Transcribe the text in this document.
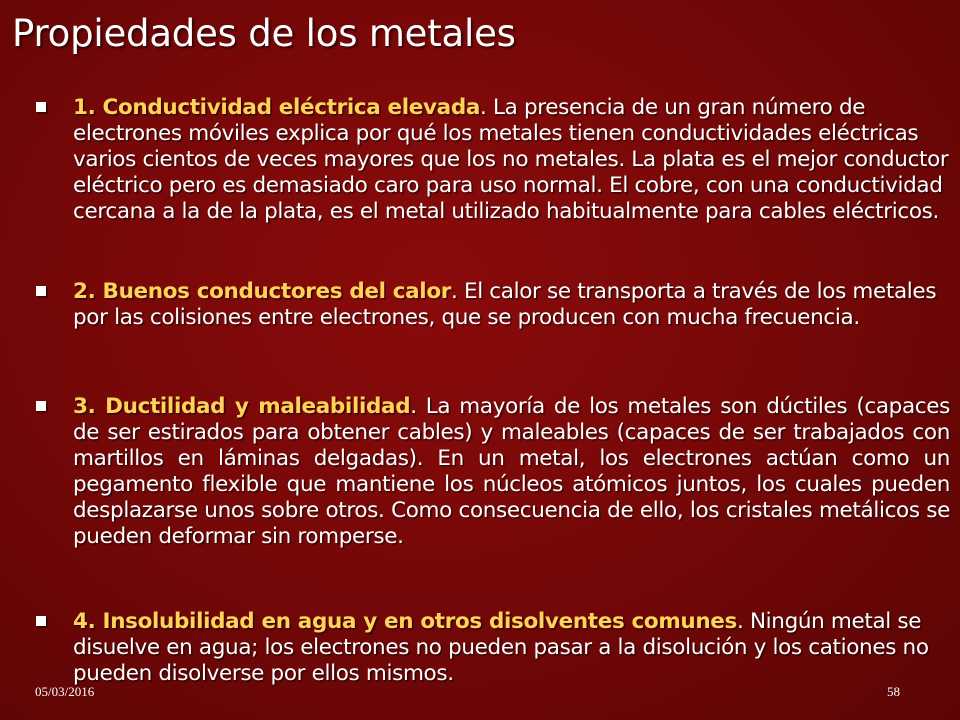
Propiedades de los metales

1. Conductividad eléctrica elevada. La presencia de un gran número de electrones móviles explica por qué los metales tienen conductividades eléctricas varios cientos de veces mayores que los no metales. La plata es el mejor conductor eléctrico pero es demasiado caro para uso normal. El cobre, con una conductividad cercana a la de la plata, es el metal utilizado habitualmente para cables eléctricos.

2. Buenos conductores del calor. El calor se transporta a través de los metales por las colisiones entre electrones, que se producen con mucha frecuencia.

3. Ductilidad y maleabilidad. La mayoría de los metales son dúctiles (capaces de ser estirados para obtener cables) y maleables (capaces de ser trabajados con martillos en láminas delgadas). En un metal, los electrones actúan como un pegamento flexible que mantiene los núcleos atómicos juntos, los cuales pueden desplazarse unos sobre otros. Como consecuencia de ello, los cristales metálicos se pueden deformar sin romperse.

4. Insolubilidad en agua y en otros disolventes comunes. Ningún metal se disuelve en agua; los electrones no pueden pasar a la disolución y los cationes no pueden disolverse por ellos mismos.

05/03/2016	58
